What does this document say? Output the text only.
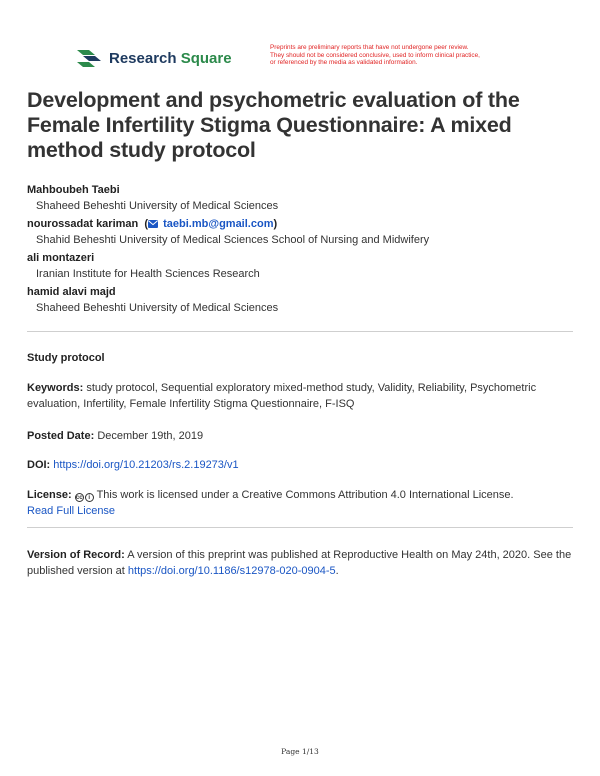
Research Square
Preprints are preliminary reports that have not undergone peer review.
They should not be considered conclusive, used to inform clinical practice,
or referenced by the media as validated information.
Development and psychometric evaluation of the Female Infertility Stigma Questionnaire: A mixed method study protocol
Mahboubeh Taebi
Shaheed Beheshti University of Medical Sciences
nourossadat kariman  ( taebi.mb@gmail.com)
Shahid Beheshti University of Medical Sciences School of Nursing and Midwifery
ali montazeri
Iranian Institute for Health Sciences Research
hamid alavi majd
Shaheed Beheshti University of Medical Sciences
Study protocol
Keywords: study protocol, Sequential exploratory mixed-method study, Validity, Reliability, Psychometric evaluation, Infertility, Female Infertility Stigma Questionnaire, F-ISQ
Posted Date: December 19th, 2019
DOI: https://doi.org/10.21203/rs.2.19273/v1
License: cc i This work is licensed under a Creative Commons Attribution 4.0 International License.
Read Full License
Version of Record: A version of this preprint was published at Reproductive Health on May 24th, 2020. See the published version at https://doi.org/10.1186/s12978-020-0904-5.
Page 1/13
